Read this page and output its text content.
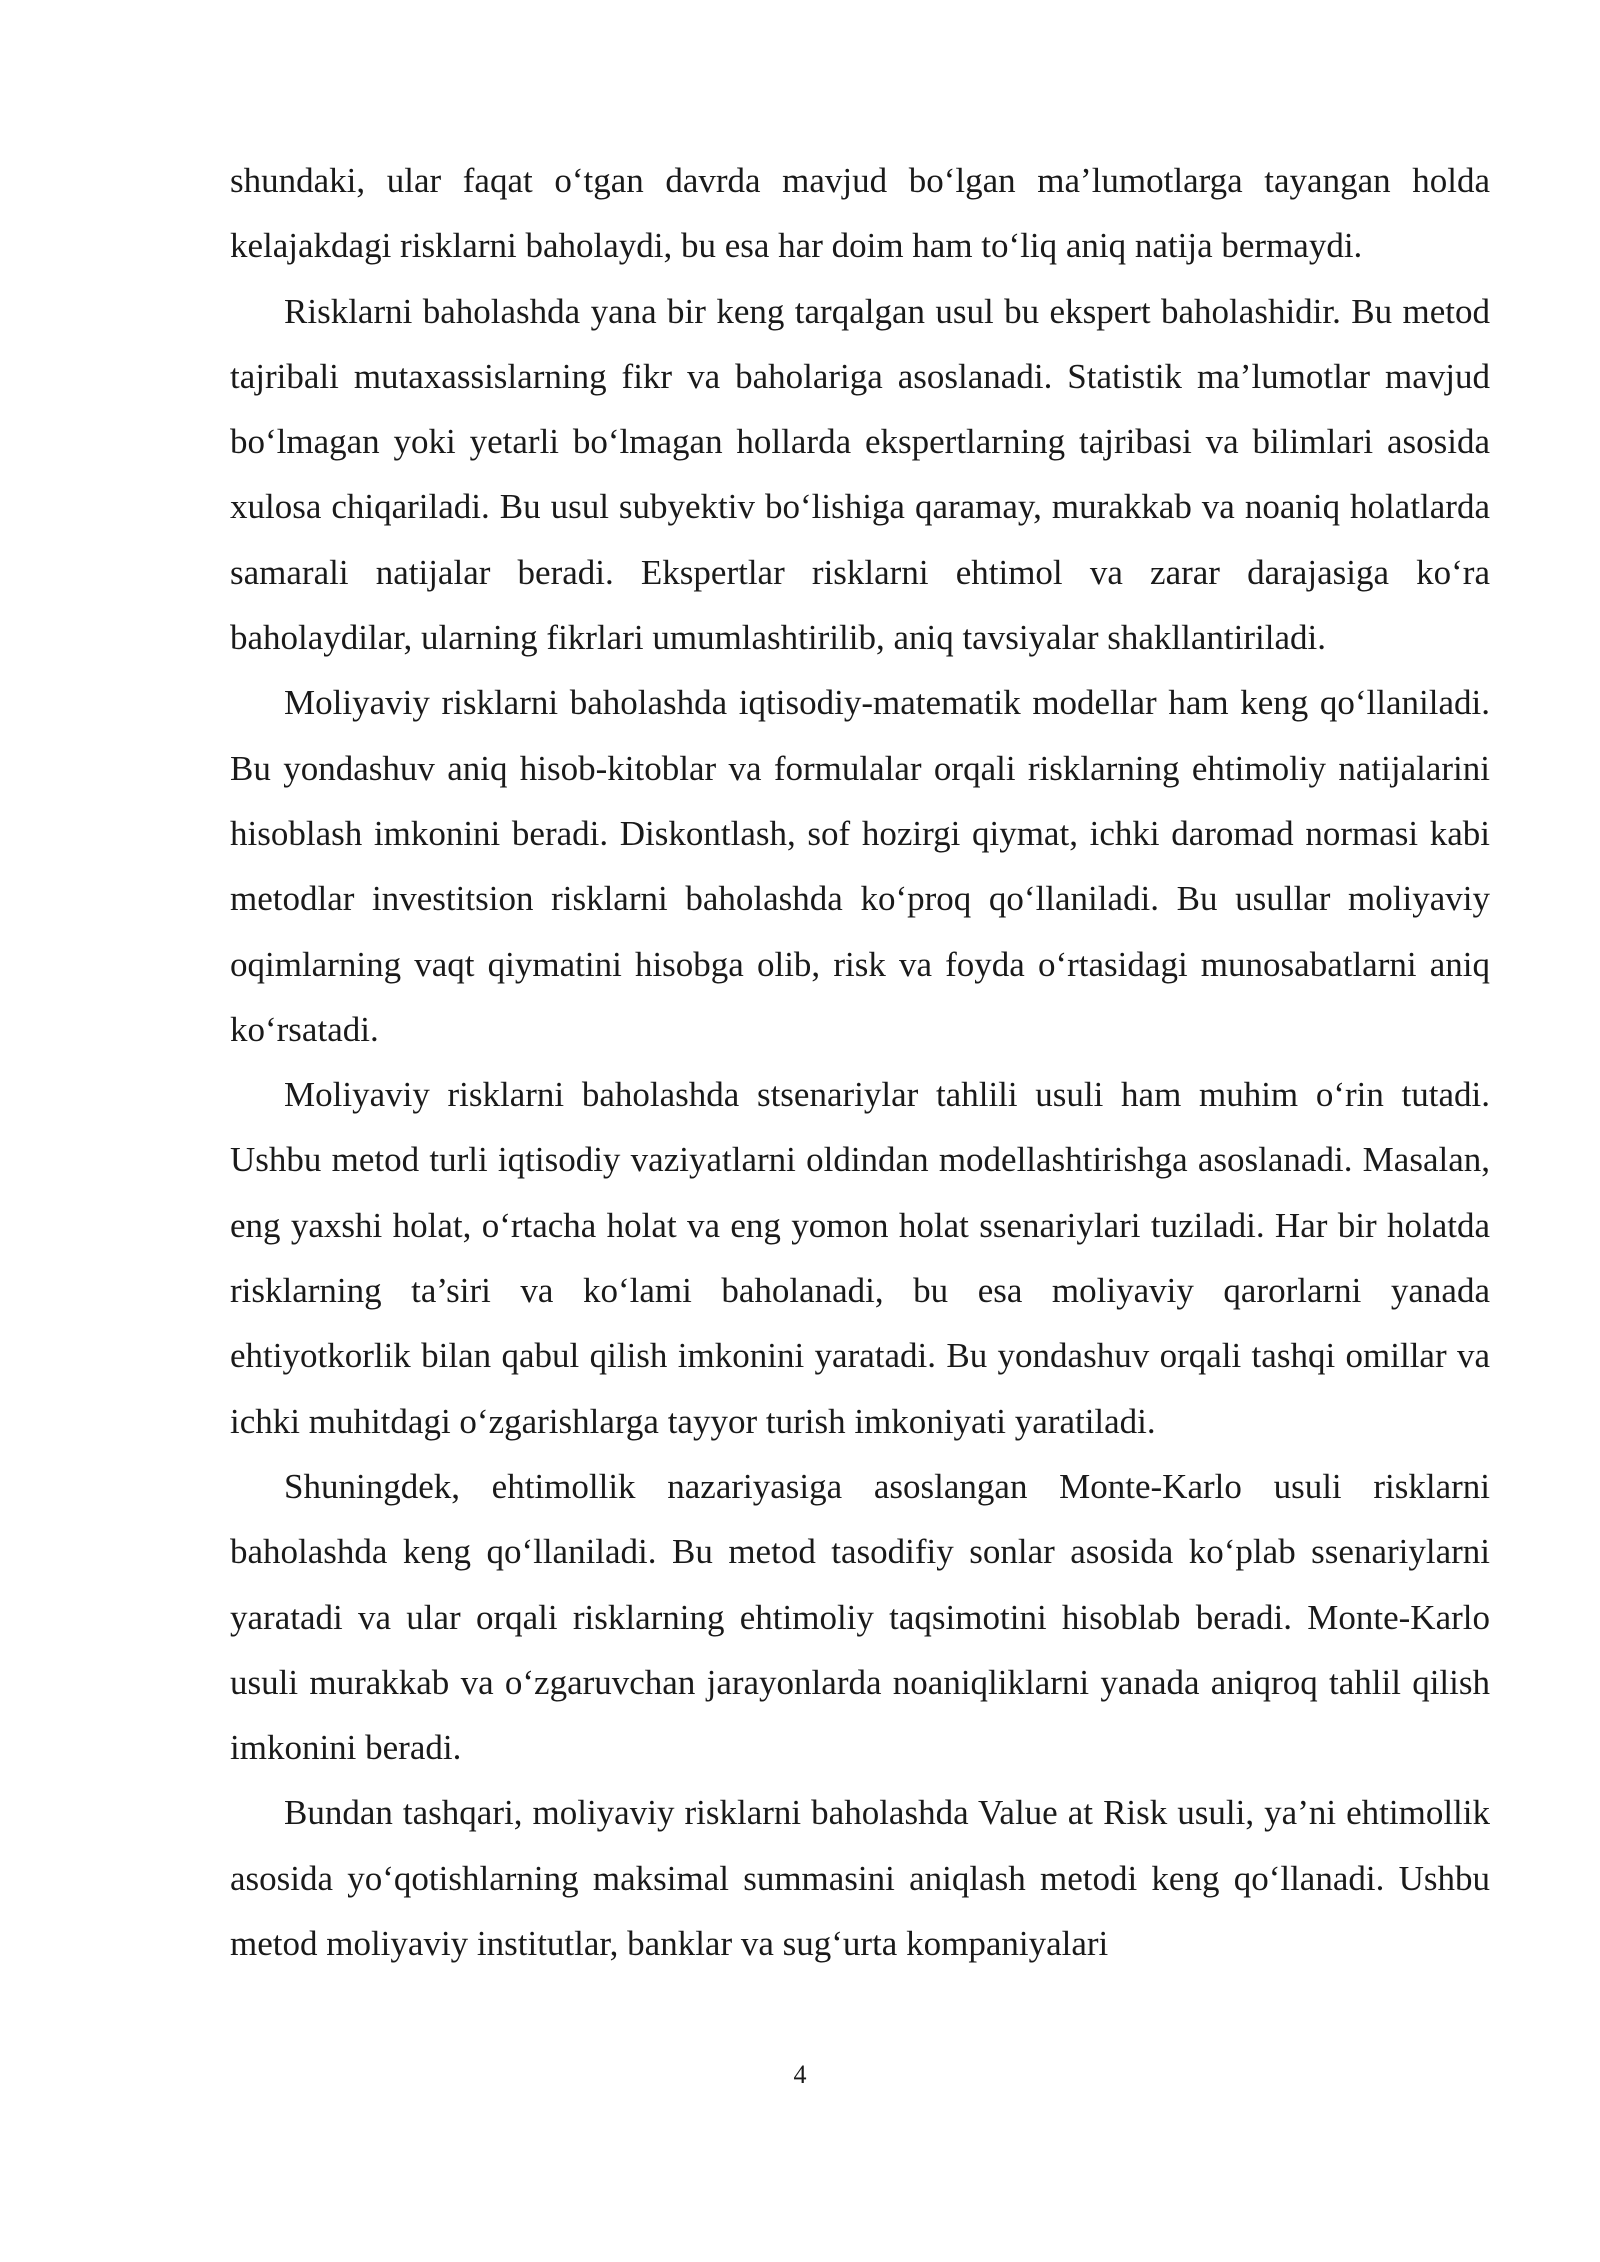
shundaki, ular faqat o‘tgan davrda mavjud bo‘lgan ma’lumotlarga tayangan holda kelajakdagi risklarni baholaydi, bu esa har doim ham to‘liq aniq natija bermaydi.

Risklarni baholashda yana bir keng tarqalgan usul bu ekspert baholashidir. Bu metod tajribali mutaxassislarning fikr va baholariga asoslanadi. Statistik ma’lumotlar mavjud bo‘lmagan yoki yetarli bo‘lmagan hollarda ekspertlarning tajribasi va bilimlari asosida xulosa chiqariladi. Bu usul subyektiv bo‘lishiga qaramay, murakkab va noaniq holatlarda samarali natijalar beradi. Ekspertlar risklarni ehtimol va zarar darajasiga ko‘ra baholaydilar, ularning fikrlari umumlashtirilib, aniq tavsiyalar shakllantiriladi.

Moliyaviy risklarni baholashda iqtisodiy-matematik modellar ham keng qo‘llaniladi. Bu yondashuv aniq hisob-kitoblar va formulalar orqali risklarning ehtimoliy natijalarini hisoblash imkonini beradi. Diskontlash, sof hozirgi qiymat, ichki daromad normasi kabi metodlar investitsion risklarni baholashda ko‘proq qo‘llaniladi. Bu usullar moliyaviy oqimlarning vaqt qiymatini hisobga olib, risk va foyda o‘rtasidagi munosabatlarni aniq ko‘rsatadi.

Moliyaviy risklarni baholashda stsenariylar tahlili usuli ham muhim o‘rin tutadi. Ushbu metod turli iqtisodiy vaziyatlarni oldindan modellashtirishga asoslanadi. Masalan, eng yaxshi holat, o‘rtacha holat va eng yomon holat ssenariylari tuziladi. Har bir holatda risklarning ta’siri va ko‘lami baholanadi, bu esa moliyaviy qarorlarni yanada ehtiyotkorlik bilan qabul qilish imkonini yaratadi. Bu yondashuv orqali tashqi omillar va ichki muhitdagi o‘zgarishlarga tayyor turish imkoniyati yaratiladi.

Shuningdek, ehtimollik nazariyasiga asoslangan Monte-Karlo usuli risklarni baholashda keng qo‘llaniladi. Bu metod tasodifiy sonlar asosida ko‘plab ssenariylarni yaratadi va ular orqali risklarning ehtimoliy taqsimotini hisoblab beradi. Monte-Karlo usuli murakkab va o‘zgaruvchan jarayonlarda noaniqliklarni yanada aniqroq tahlil qilish imkonini beradi.

Bundan tashqari, moliyaviy risklarni baholashda Value at Risk usuli, ya’ni ehtimollik asosida yo‘qotishlarning maksimal summasini aniqlash metodi keng qo‘llanadi. Ushbu metod moliyaviy institutlar, banklar va sug‘urta kompaniyalari

4
